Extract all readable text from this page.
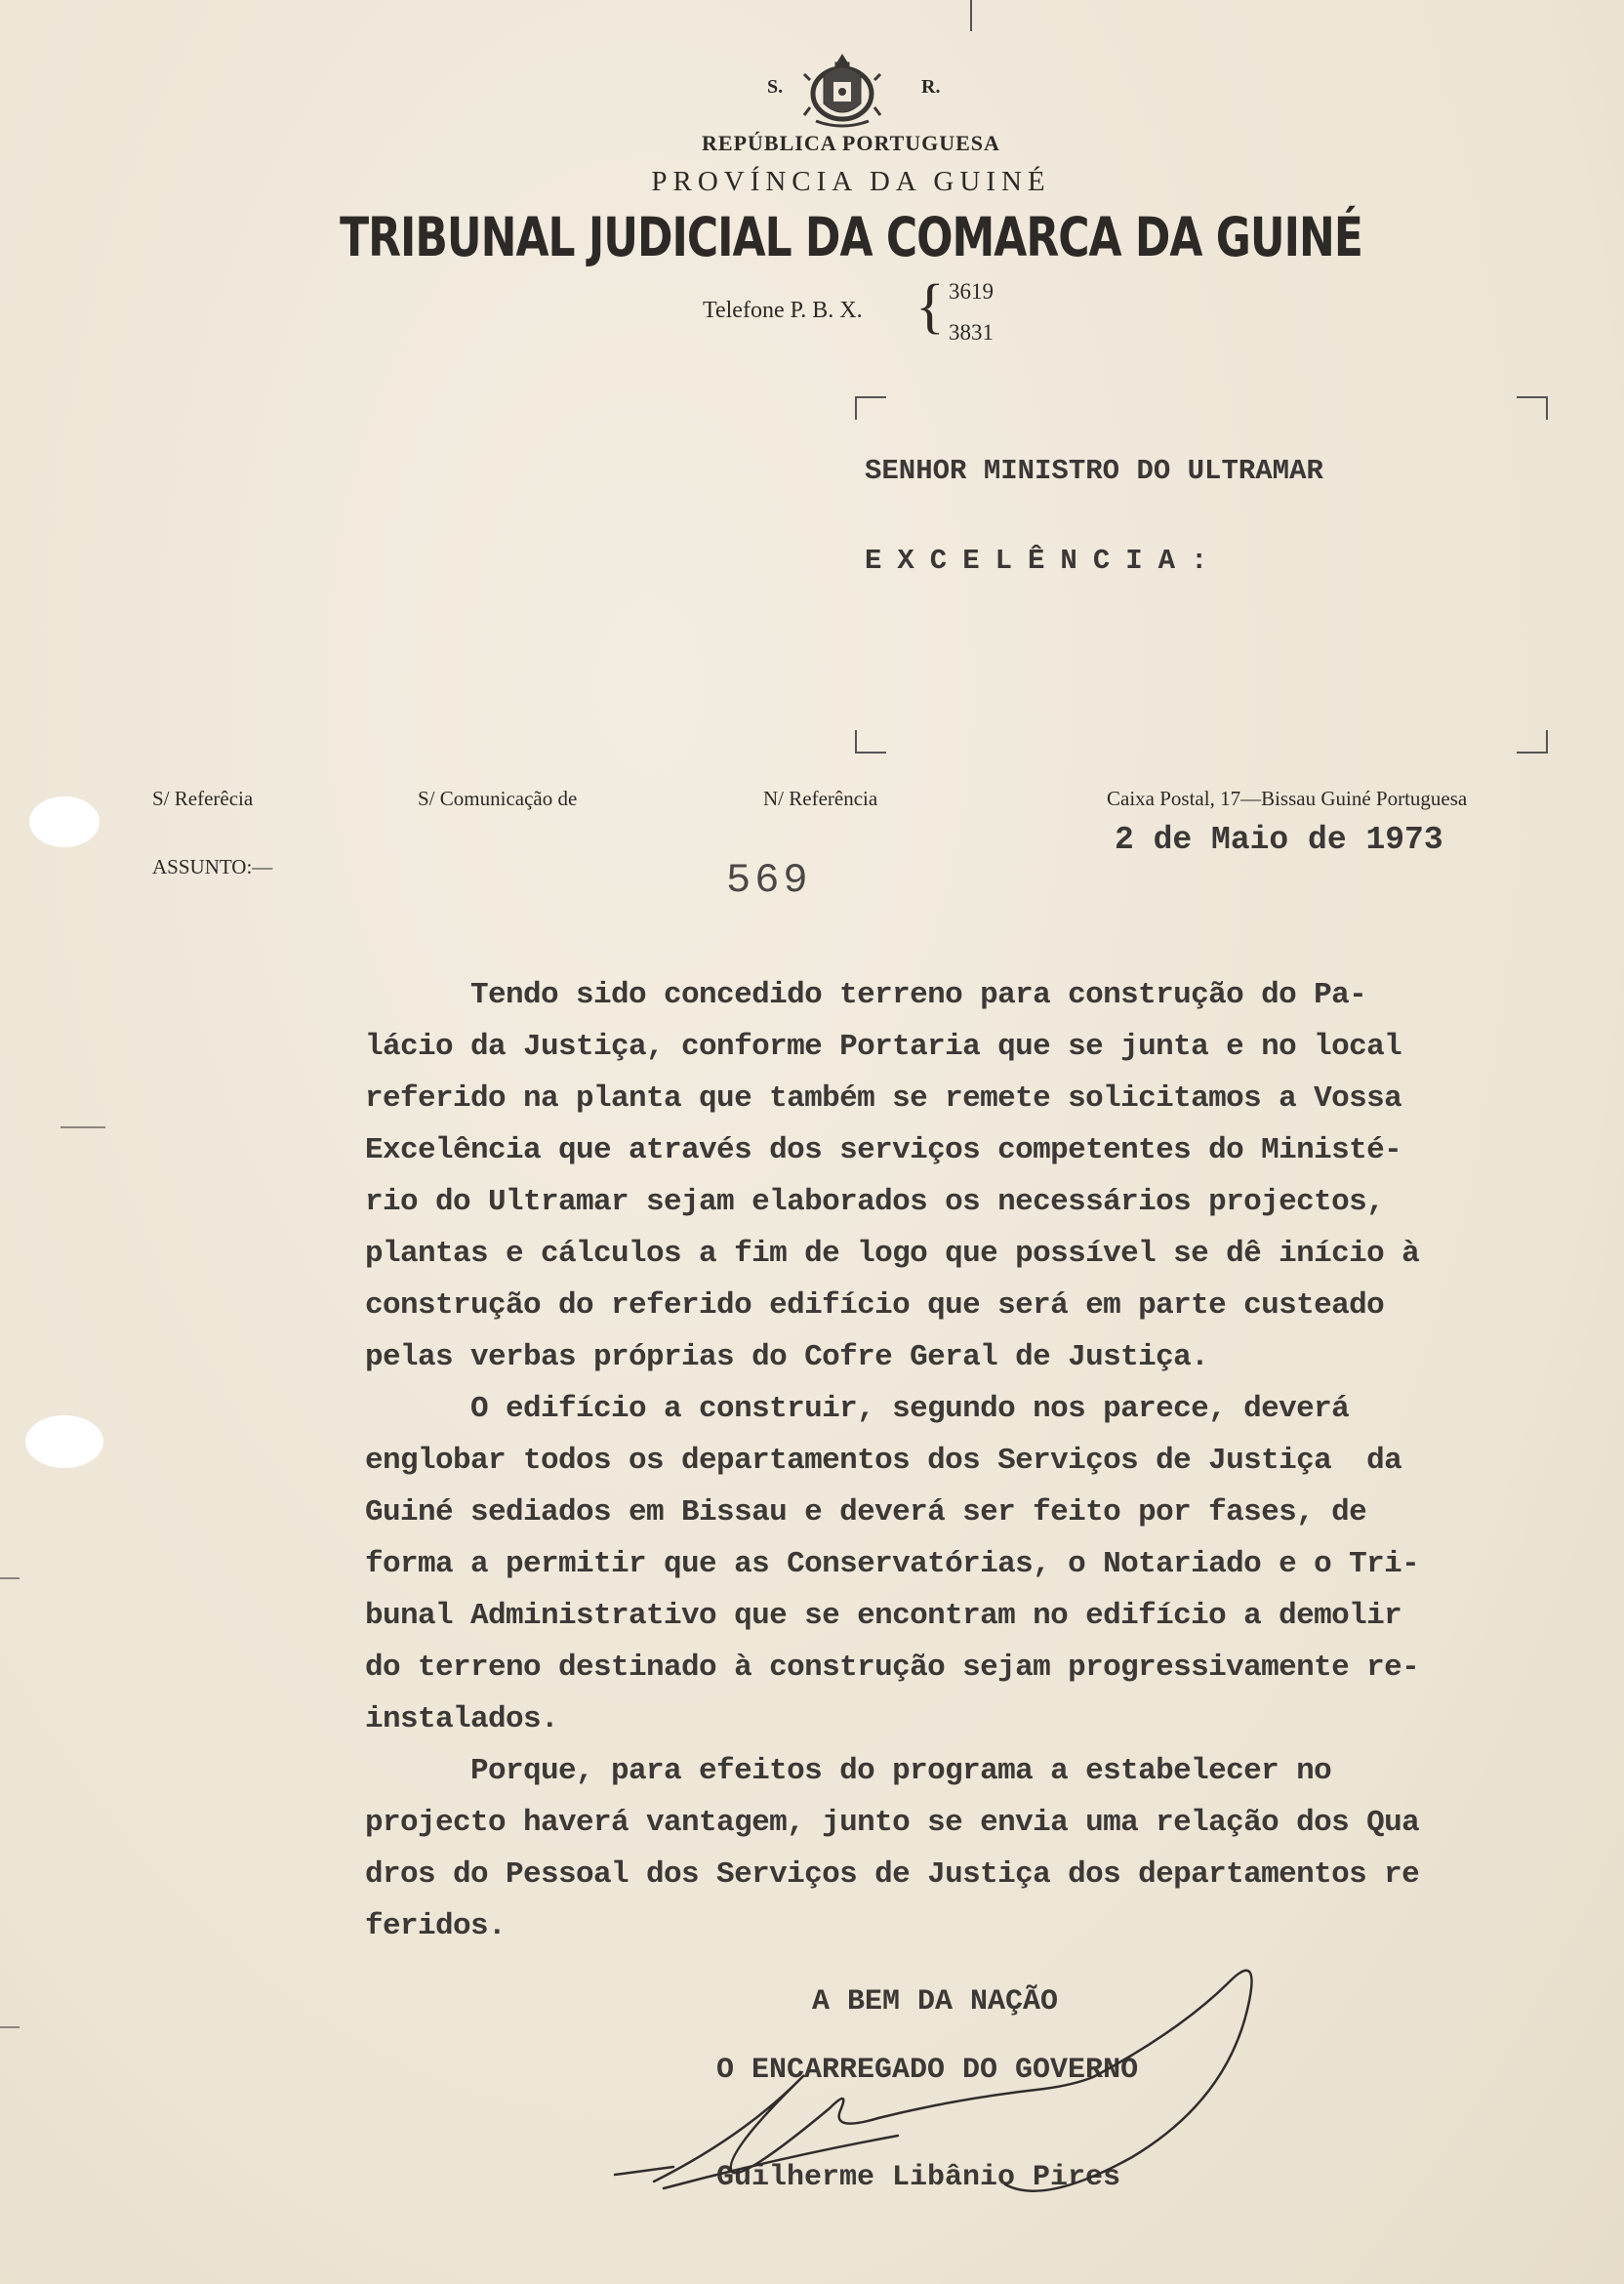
S.	R.
REPÚBLICA PORTUGUESA
PROVÍNCIA DA GUINÉ
TRIBUNAL JUDICIAL DA COMARCA DA GUINÉ
Telefone P. B. X. { 3619
3831
SENHOR MINISTRO DO ULTRAMAR
EXCELÊNCIA:
S/ Referêcia	S/ Comunicação de	N/ Referência	Caixa Postal, 17—Bissau Guiné Portuguesa
2 de Maio de 1973
ASSUNTO:—	569
Tendo sido concedido terreno para construção do Pa-
lácio da Justiça, conforme Portaria que se junta e no local
referido na planta que também se remete solicitamos a Vossa
Excelência que através dos serviços competentes do Ministé-
rio do Ultramar sejam elaborados os necessários projectos,
plantas e cálculos a fim de logo que possível se dê início à
construção do referido edifício que será em parte custeado
pelas verbas próprias do Cofre Geral de Justiça.
O edifício a construir, segundo nos parece, deverá
englobar todos os departamentos dos Serviços de Justiça  da
Guiné sediados em Bissau e deverá ser feito por fases, de
forma a permitir que as Conservatórias, o Notariado e o Tri-
bunal Administrativo que se encontram no edifício a demolir
do terreno destinado à construção sejam progressivamente re-
instalados.
Porque, para efeitos do programa a estabelecer no
projecto haverá vantagem, junto se envia uma relação dos Qua
dros do Pessoal dos Serviços de Justiça dos departamentos re
feridos.
A BEM DA NAÇÃO
O ENCARREGADO DO GOVERNO
Guilherme Libânio Pires
